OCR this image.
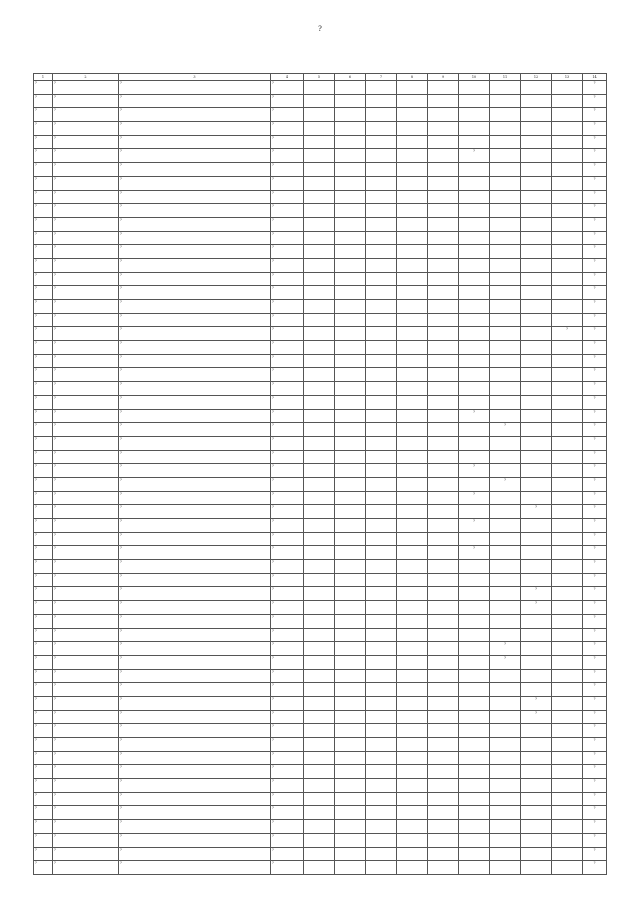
?
1	2	3	4	5	6	7	8	9	10	11	12	13	14
?	?	?	?										?
?	?	?	?										?
?	?	?	?										?
?	?	?	?										?
?	?	?	?										?
?	?	?	?						?				?
?	?	?	?										?
?	?	?	?										?
?	?	?	?										?
?	?	?	?										?
?	?	?	?										?
?	?	?	?										?
?	?	?	?										?
?	?	?	?										?
?	?	?	?										?
?	?	?	?										?
?	?	?	?										?
?	?	?	?										?
?	?	?	?									?	?
?	?	?	?										?
?	?	?	?										?
?	?	?	?										?
?	?	?	?										?
?	?	?	?										?
?	?	?	?						?				?
?	?	?	?							?			?
?	?	?	?										?
?	?	?	?										?
?	?	?	?						?				?
?	?	?	?							?			?
?	?	?	?						?				?
?	?	?	?								?		?
?	?	?	?						?				?
?	?	?	?										?
?	?	?	?						?				?
?	?	?	?										?
?	?	?	?										?
?	?	?	?								?		?
?	?	?	?								?		?
?	?	?	?										?
?	?	?	?										?
?	?	?	?							?			?
?	?	?	?							?			?
?	?	?	?										?
?	?	?	?										?
?	?	?	?								?		?
?	?	?	?								?		?
?	?	?	?										?
?	?	?	?										?
?	?	?	?										?
?	?	?	?										?
?	?	?	?										?
?	?	?	?										?
?	?	?	?										?
?	?	?	?										?
?	?	?	?										?
?	?	?	?										?
?	?	?	?										?
